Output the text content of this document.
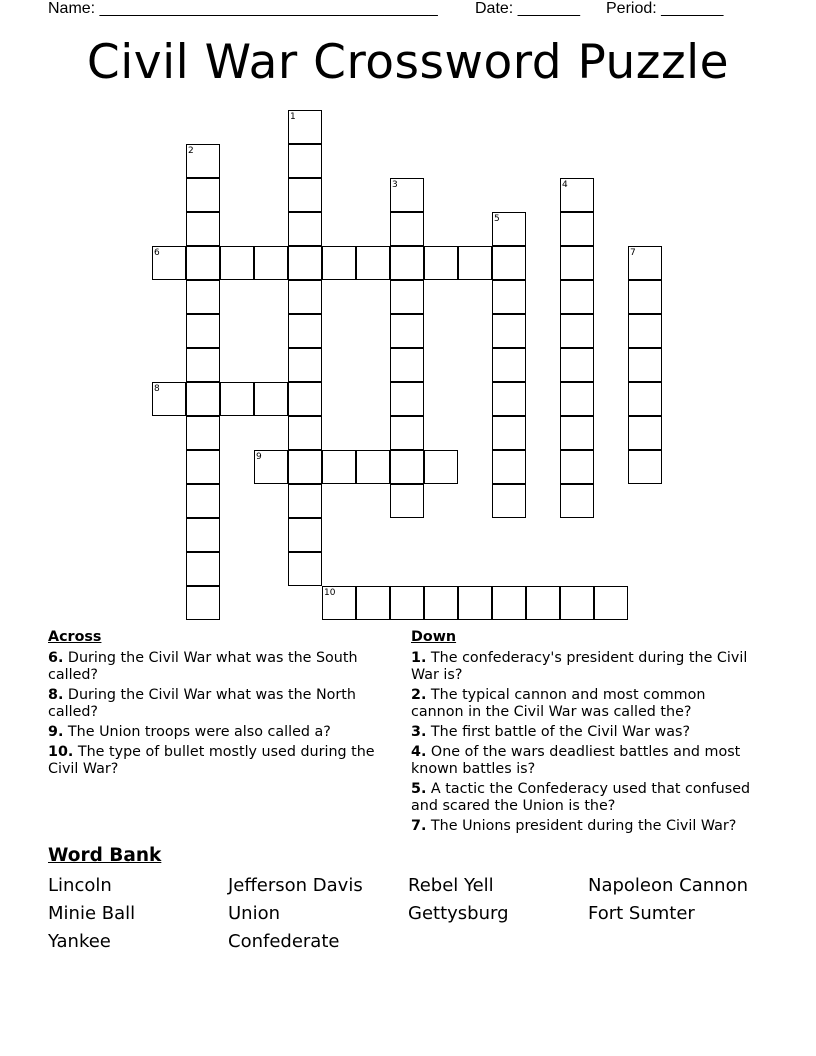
Name: ______________________________________ Date: _______ Period: _______
Civil War Crossword Puzzle
1
2
3	4
5
6	7
8
9
10
Across
6. During the Civil War what was the South called?
8. During the Civil War what was the North called?
9. The Union troops were also called a?
10. The type of bullet mostly used during the Civil War?
Down
1. The confederacy's president during the Civil War is?
2. The typical cannon and most common cannon in the Civil War was called the?
3. The first battle of the Civil War was?
4. One of the wars deadliest battles and most known battles is?
5. A tactic the Confederacy used that confused and scared the Union is the?
7. The Unions president during the Civil War?
Word Bank
Lincoln	Jefferson Davis	Rebel Yell	Napoleon Cannon
Minie Ball	Union	Gettysburg	Fort Sumter
Yankee	Confederate
